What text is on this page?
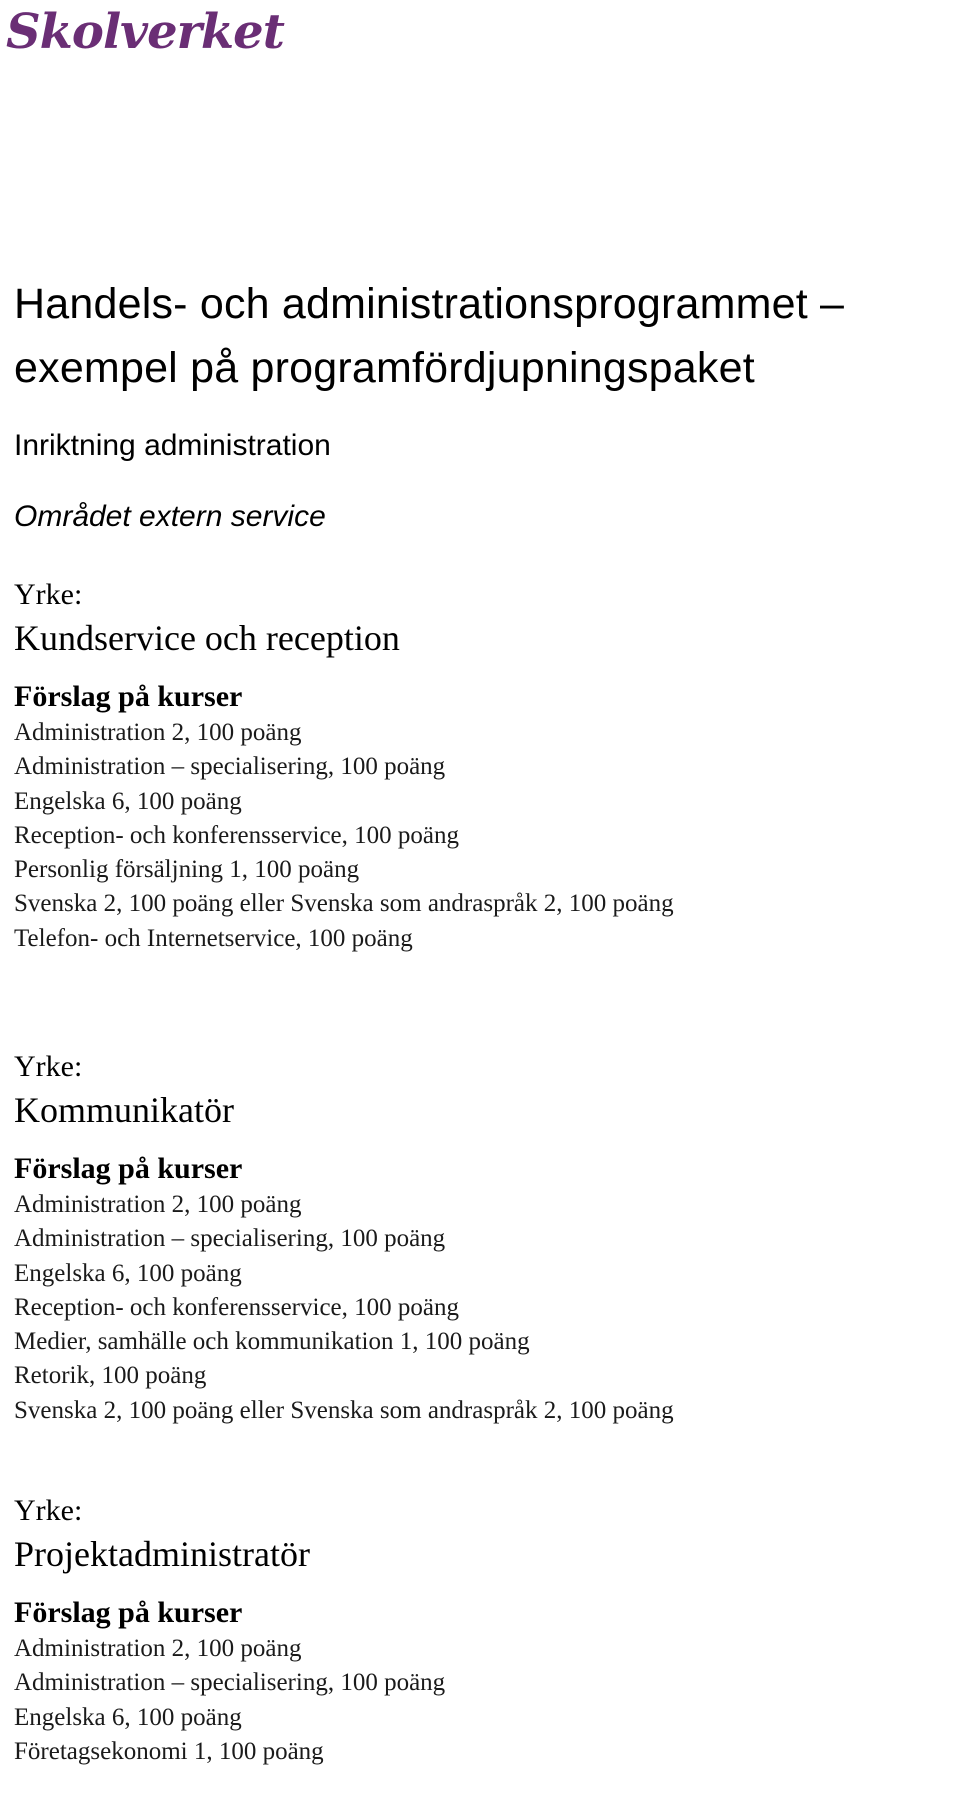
Skolverket
Handels- och administrationsprogrammet – exempel på programfördjupningspaket
Inriktning administration
Området extern service

Yrke:

Kundservice och reception

Förslag på kurser

Administration 2, 100 poäng
Administration – specialisering, 100 poäng
Engelska 6, 100 poäng
Reception- och konferensservice, 100 poäng
Personlig försäljning 1, 100 poäng
Svenska 2, 100 poäng eller Svenska som andraspråk 2, 100 poäng
Telefon- och Internetservice, 100 poäng

Yrke:

Kommunikatör

Förslag på kurser

Administration 2, 100 poäng
Administration – specialisering, 100 poäng
Engelska 6, 100 poäng
Reception- och konferensservice, 100 poäng
Medier, samhälle och kommunikation 1, 100 poäng
Retorik, 100 poäng
Svenska 2, 100 poäng eller Svenska som andraspråk 2, 100 poäng

Yrke:

Projektadministratör

Förslag på kurser

Administration 2, 100 poäng
Administration – specialisering, 100 poäng
Engelska 6, 100 poäng
Företagsekonomi 1, 100 poäng
